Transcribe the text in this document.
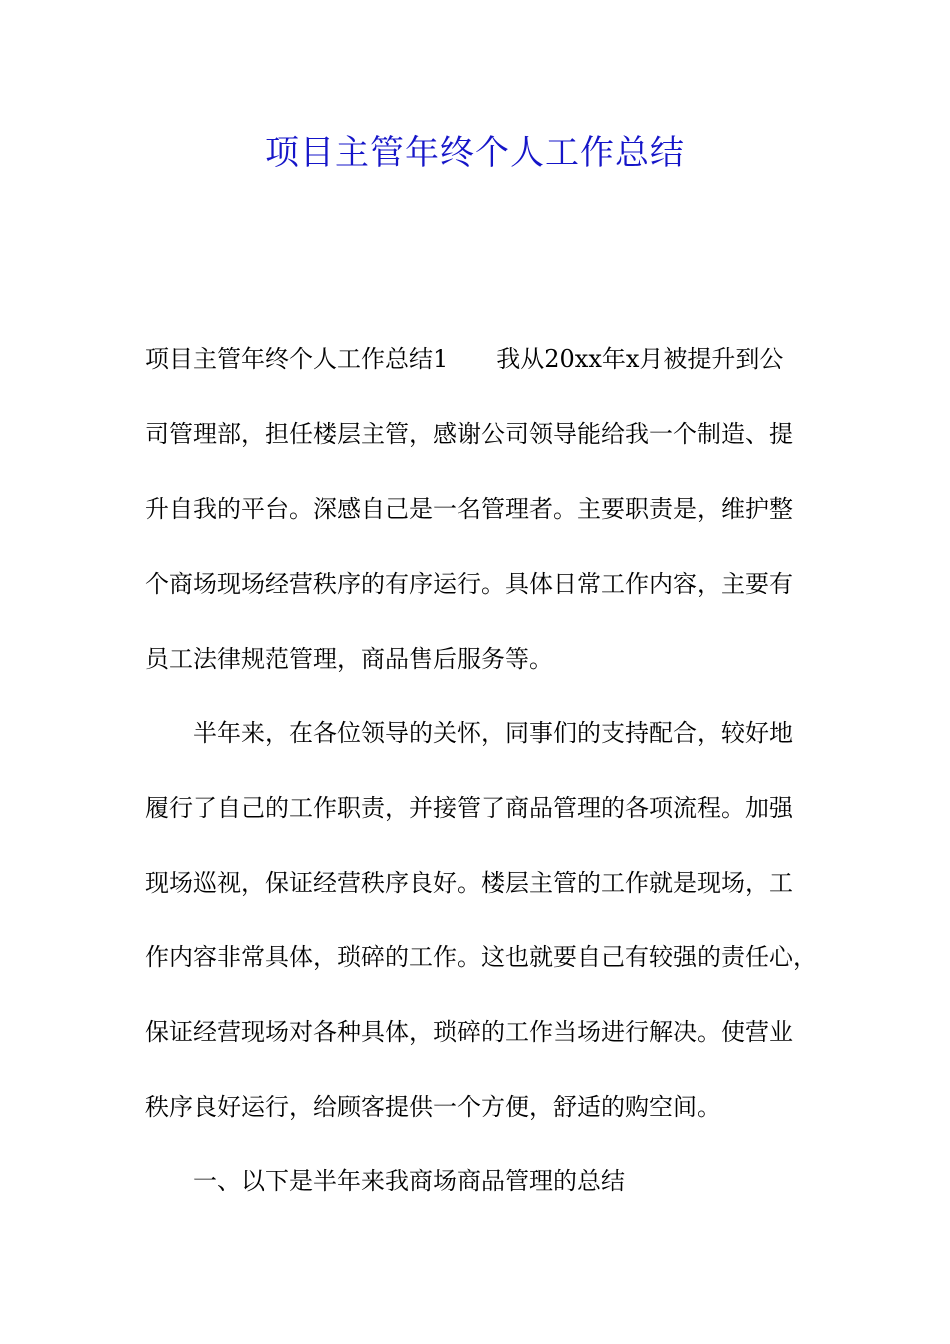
项目主管年终个人工作总结
项目主管年终个人工作总结1　　我从20xx年x月被提升到公
司管理部，担任楼层主管，感谢公司领导能给我一个制造、提
升自我的平台。深感自己是一名管理者。主要职责是，维护整
个商场现场经营秩序的有序运行。具体日常工作内容，主要有
员工法律规范管理，商品售后服务等。
半年来，在各位领导的关怀，同事们的支持配合，较好地
履行了自己的工作职责，并接管了商品管理的各项流程。加强
现场巡视，保证经营秩序良好。楼层主管的工作就是现场，工
作内容非常具体，琐碎的工作。这也就要自己有较强的责任心，
保证经营现场对各种具体，琐碎的工作当场进行解决。使营业
秩序良好运行，给顾客提供一个方便，舒适的购空间。
一、以下是半年来我商场商品管理的总结
